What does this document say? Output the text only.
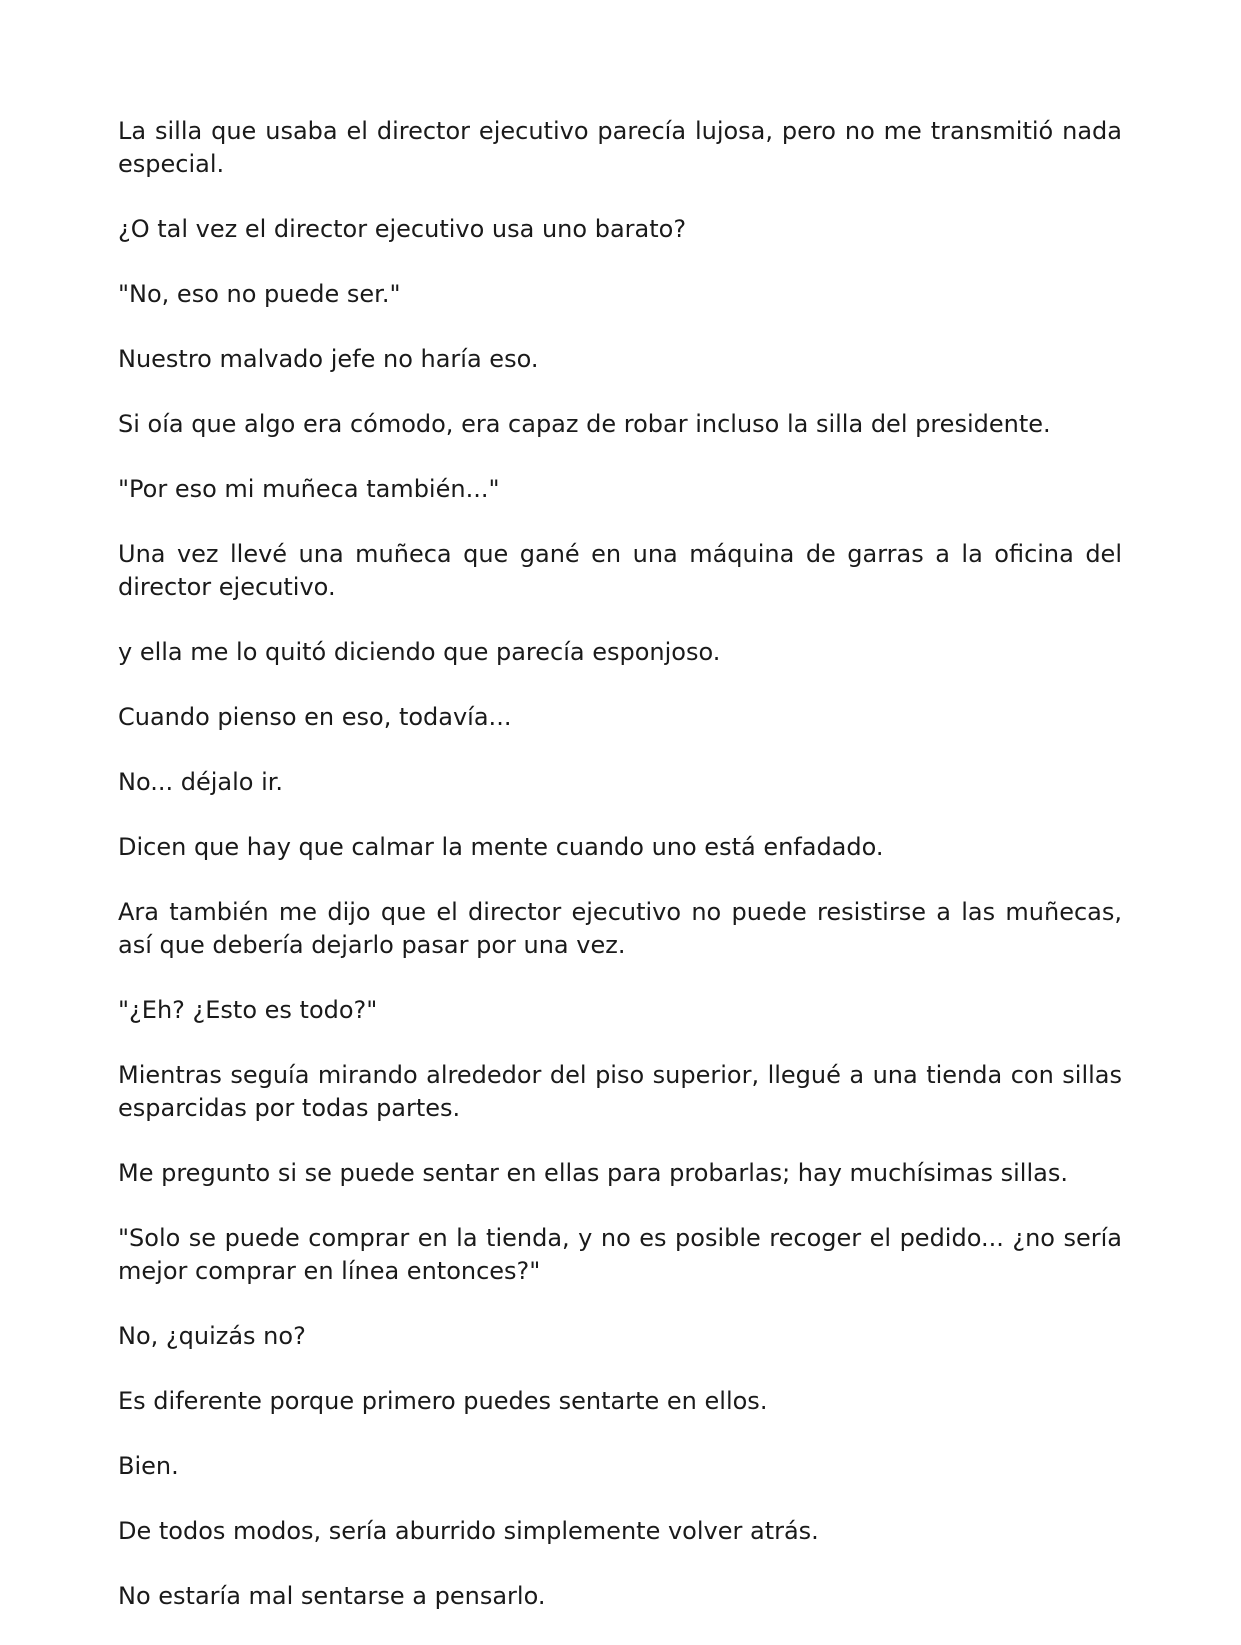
La silla que usaba el director ejecutivo parecía lujosa, pero no me transmitió nada especial.

¿O tal vez el director ejecutivo usa uno barato?

"No, eso no puede ser."

Nuestro malvado jefe no haría eso.

Si oía que algo era cómodo, era capaz de robar incluso la silla del presidente.

"Por eso mi muñeca también..."

Una vez llevé una muñeca que gané en una máquina de garras a la oficina del director ejecutivo.

y ella me lo quitó diciendo que parecía esponjoso.

Cuando pienso en eso, todavía...

No... déjalo ir.

Dicen que hay que calmar la mente cuando uno está enfadado.

Ara también me dijo que el director ejecutivo no puede resistirse a las muñecas, así que debería dejarlo pasar por una vez.

"¿Eh? ¿Esto es todo?"

Mientras seguía mirando alrededor del piso superior, llegué a una tienda con sillas esparcidas por todas partes.

Me pregunto si se puede sentar en ellas para probarlas; hay muchísimas sillas.

"Solo se puede comprar en la tienda, y no es posible recoger el pedido... ¿no sería mejor comprar en línea entonces?"

No, ¿quizás no?

Es diferente porque primero puedes sentarte en ellos.

Bien.

De todos modos, sería aburrido simplemente volver atrás.

No estaría mal sentarse a pensarlo.
